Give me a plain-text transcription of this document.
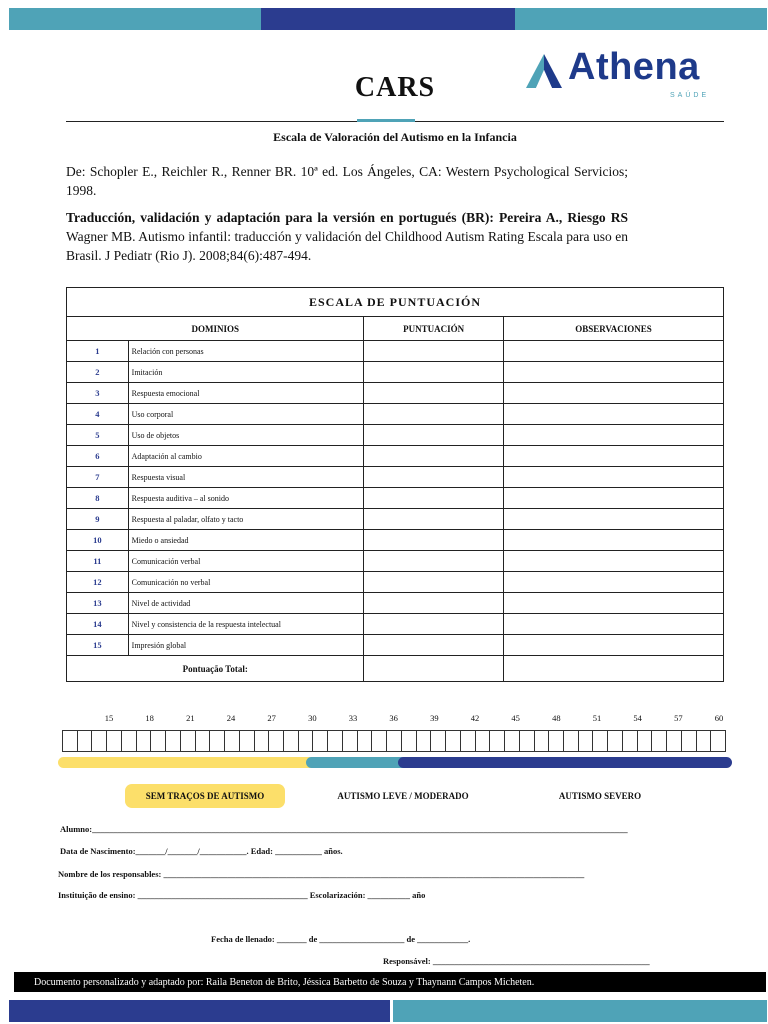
Athena
SAÚDE
CARS
Escala de Valoración del Autismo en la Infancia
De: Schopler E., Reichler R., Renner BR. 10ª ed. Los Ángeles, CA: Western Psychological Servicios; 1998.
Traducción, validación y adaptación para la versión en portugués (BR): Pereira A., Riesgo RS Wagner MB. Autismo infantil: traducción y validación del Childhood Autism Rating Escala para uso en Brasil. J Pediatr (Rio J). 2008;84(6):487-494.
ESCALA DE PUNTUACIÓN			
DOMINIOS		PUNTUACIÓN	OBSERVACIONES
1	Relación con personas		
2	Imitación		
3	Respuesta emocional		
4	Uso corporal		
5	Uso de objetos		
6	Adaptación al cambio		
7	Respuesta visual		
8	Respuesta auditiva – al sonido		
9	Respuesta al paladar, olfato y tacto		
10	Miedo o ansiedad		
11	Comunicación verbal		
12	Comunicación no verbal		
13	Nivel de actividad		
14	Nivel y consistencia de la respuesta intelectual		
15	Impresión global		
Pontuação Total:			
15	18	21	24	27	30	33	36	39	42	45	48	51	54	57	60
SEM TRAÇOS DE AUTISMO	AUTISMO LEVE / MODERADO	AUTISMO SEVERO
Alumno:______________________________________________________________________________________________________________________________
Data de Nascimento:_______/_______/___________. Edad: ___________ años.
Nombre de los responsables: ___________________________________________________________________________________________________
Instituição de ensino: ________________________________________ Escolarización: __________ año
Fecha de llenado: _______ de ____________________ de ____________.
Responsável: ___________________________________________________
Documento personalizado y adaptado por: Raila Beneton de Brito, Jéssica Barbetto de Souza y Thaynann Campos Micheten.
